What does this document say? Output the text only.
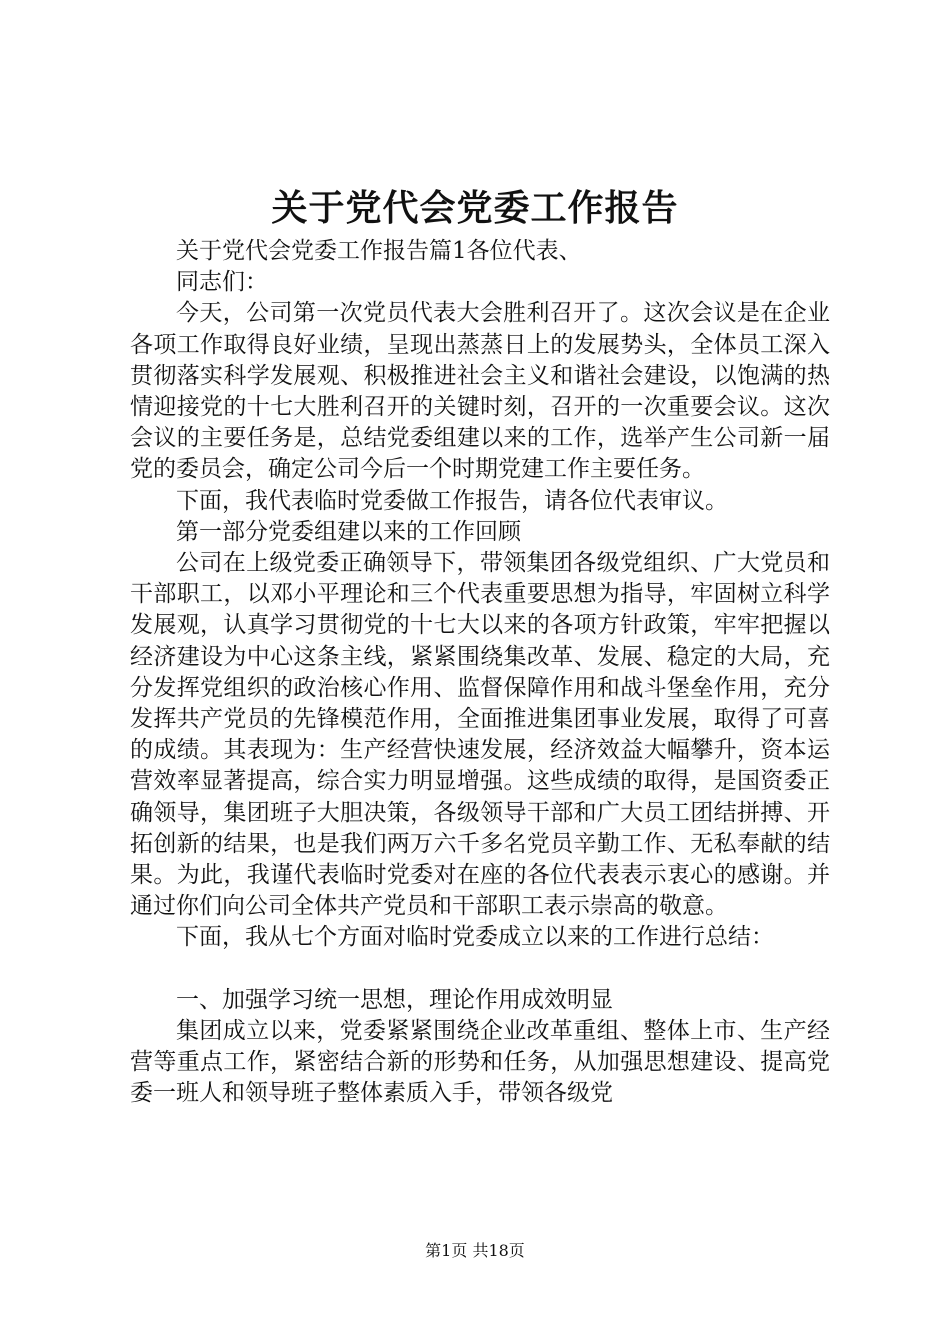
关于党代会党委工作报告

关于党代会党委工作报告篇1各位代表、

同志们：

今天，公司第一次党员代表大会胜利召开了。这次会议是在企业各项工作取得良好业绩，呈现出蒸蒸日上的发展势头，全体员工深入贯彻落实科学发展观、积极推进社会主义和谐社会建设，以饱满的热情迎接党的十七大胜利召开的关键时刻，召开的一次重要会议。这次会议的主要任务是，总结党委组建以来的工作，选举产生公司新一届党的委员会，确定公司今后一个时期党建工作主要任务。

下面，我代表临时党委做工作报告，请各位代表审议。

第一部分党委组建以来的工作回顾

公司在上级党委正确领导下，带领集团各级党组织、广大党员和干部职工，以邓小平理论和三个代表重要思想为指导，牢固树立科学发展观，认真学习贯彻党的十七大以来的各项方针政策，牢牢把握以经济建设为中心这条主线，紧紧围绕集改革、发展、稳定的大局，充分发挥党组织的政治核心作用、监督保障作用和战斗堡垒作用，充分发挥共产党员的先锋模范作用，全面推进集团事业发展，取得了可喜的成绩。其表现为：生产经营快速发展，经济效益大幅攀升，资本运营效率显著提高，综合实力明显增强。这些成绩的取得，是国资委正确领导，集团班子大胆决策，各级领导干部和广大员工团结拼搏、开拓创新的结果，也是我们两万六千多名党员辛勤工作、无私奉献的结果。为此，我谨代表临时党委对在座的各位代表表示衷心的感谢。并通过你们向公司全体共产党员和干部职工表示崇高的敬意。

下面，我从七个方面对临时党委成立以来的工作进行总结：

一、加强学习统一思想，理论作用成效明显

集团成立以来，党委紧紧围绕企业改革重组、整体上市、生产经营等重点工作，紧密结合新的形势和任务，从加强思想建设、提高党委一班人和领导班子整体素质入手，带领各级党

第1页 共18页
